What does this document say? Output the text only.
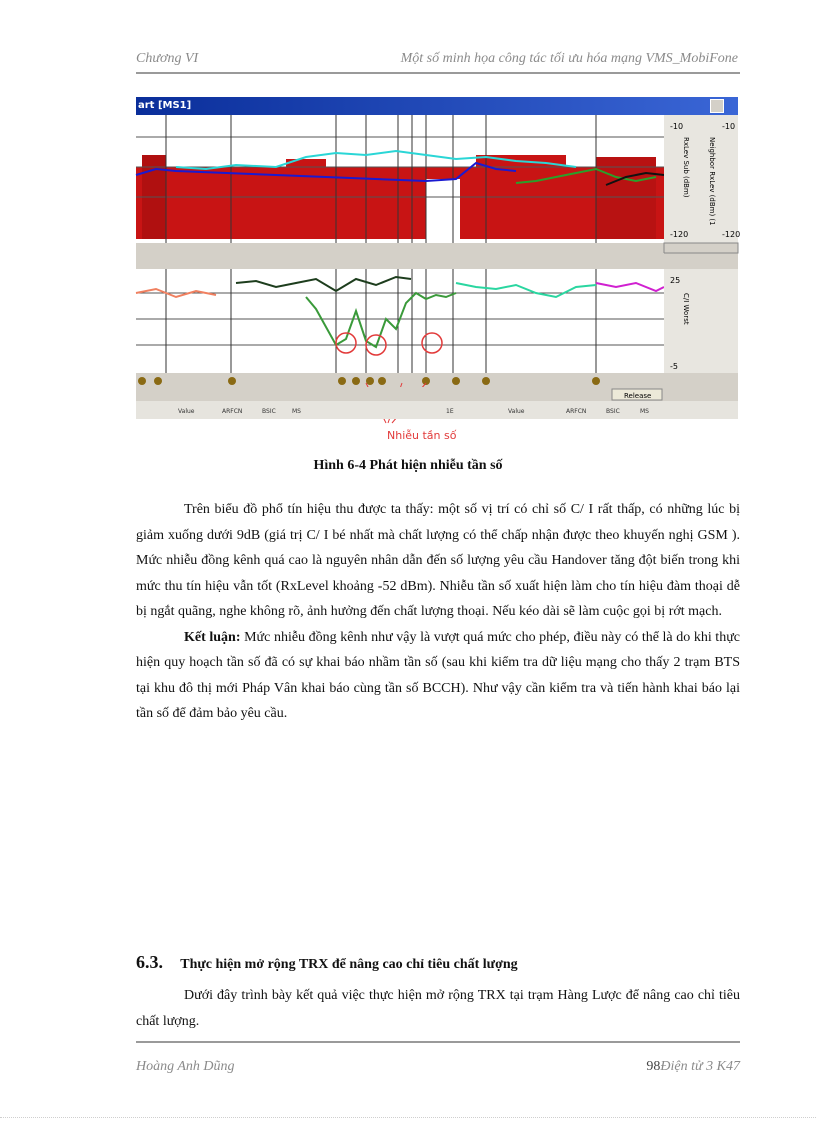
Chương VI	Một số minh họa công tác tối ưu hóa mạng VMS_MobiFone
art [MS1]
-10
-120
-10
-120
RxLev Sub (dBm)	Neighbor RxLev (dBm) (1
25
-5
C/I Worst
Release
Value	ARFCN	BSIC	MS	1E	Value	ARFCN	BSIC	MS
Nhiễu tần số
Hình 6-4 Phát hiện nhiễu tần số

Trên biểu đồ phổ tín hiệu thu được ta thấy: một số vị trí có chỉ số C/ I rất thấp, có những lúc bị giảm xuống dưới 9dB (giá trị C/ I bé nhất mà chất lượng có thể chấp nhận được theo khuyến nghị GSM ). Mức nhiễu đồng kênh quá cao là nguyên nhân dẫn đến số lượng yêu cầu Handover tăng đột biến trong khi mức thu tín hiệu vẫn tốt (RxLevel khoảng -52 dBm). Nhiễu tần số xuất hiện làm cho tín hiệu đàm thoại dễ bị ngắt quãng, nghe không rõ, ảnh hưởng đến chất lượng thoại. Nếu kéo dài sẽ làm cuộc gọi bị rớt mạch.

Kết luận: Mức nhiễu đồng kênh như vậy là vượt quá mức cho phép, điều này có thể là do khi thực hiện quy hoạch tần số đã có sự khai báo nhầm tần số (sau khi kiểm tra dữ liệu mạng cho thấy 2 trạm BTS tại khu đô thị mới Pháp Vân khai báo cùng tần số BCCH). Như vậy cần kiểm tra và tiến hành khai báo lại tần số để đảm bảo yêu cầu.

6.3. Thực hiện mở rộng TRX để nâng cao chỉ tiêu chất lượng

Dưới đây trình bày kết quả việc thực hiện mở rộng TRX tại trạm Hàng Lược để nâng cao chỉ tiêu chất lượng.

Hoàng Anh Dũng	98Điện tử 3 K47
